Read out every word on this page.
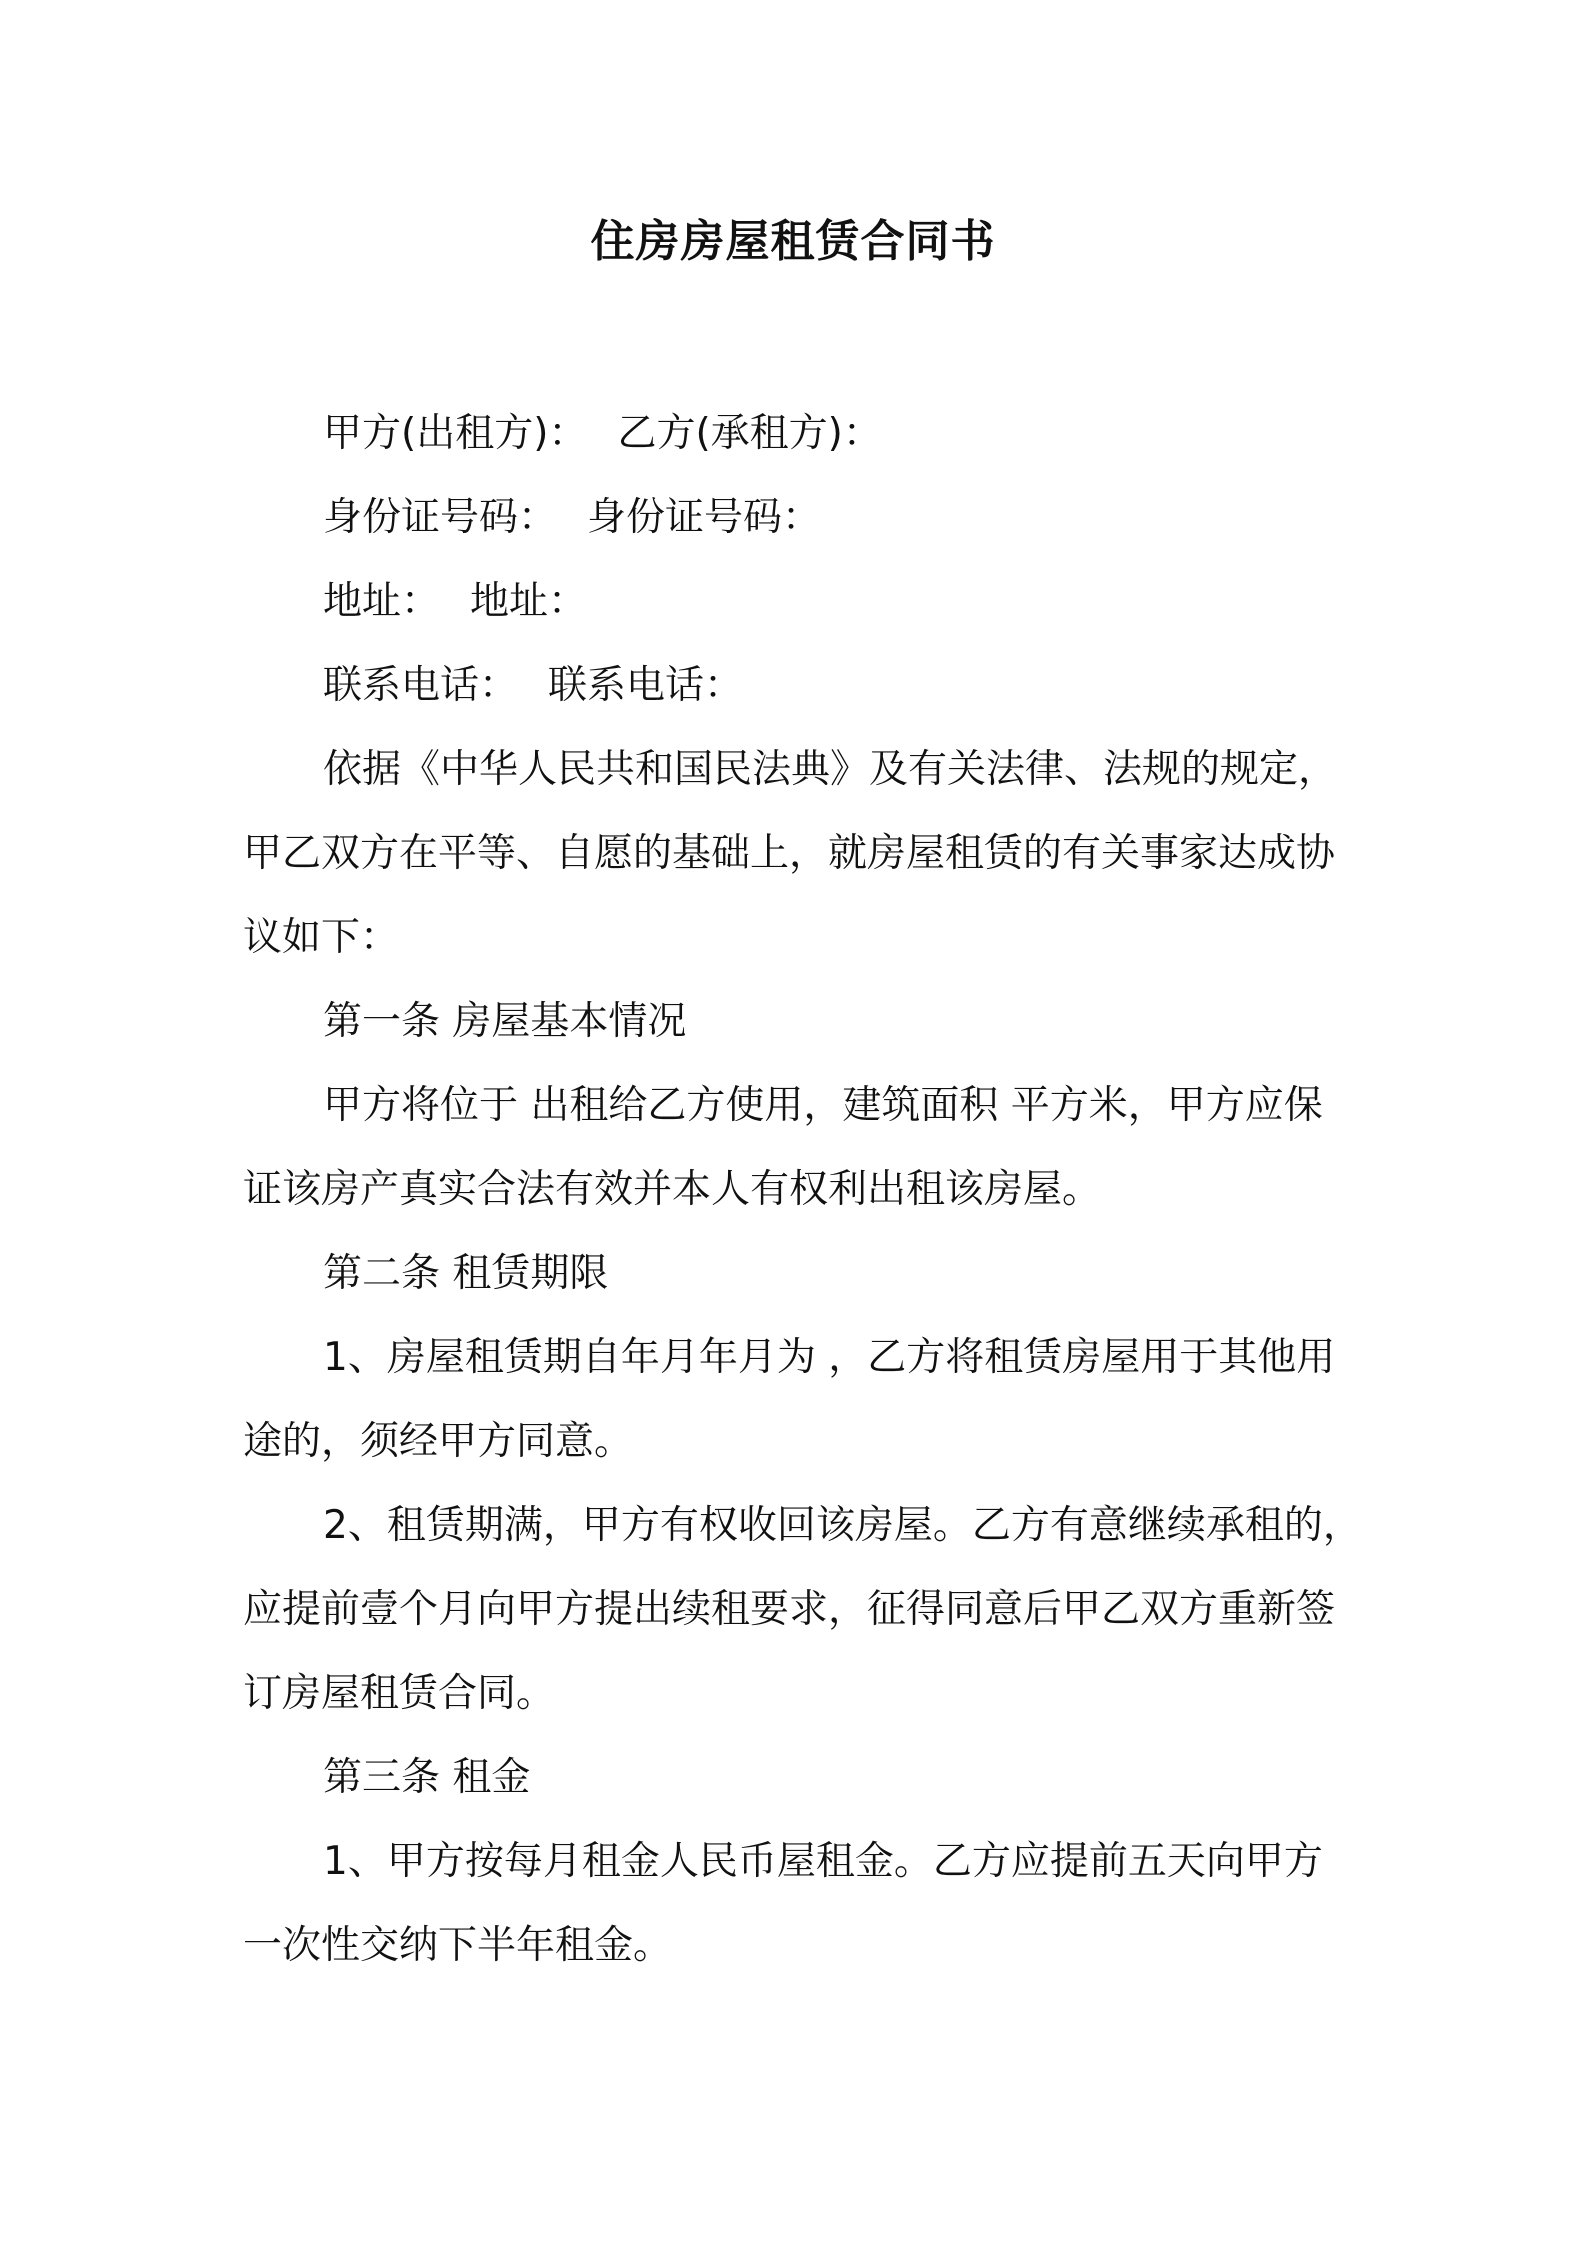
住房房屋租赁合同书
甲方(出租方)： 乙方(承租方)：
身份证号码： 身份证号码：
地址： 地址：
联系电话： 联系电话：
依据《中华人民共和国民法典》及有关法律、法规的规定，
甲乙双方在平等、自愿的基础上，就房屋租赁的有关事家达成协
议如下：
第一条 房屋基本情况
甲方将位于 出租给乙方使用，建筑面积 平方米，甲方应保
证该房产真实合法有效并本人有权利出租该房屋。
第二条 租赁期限
1、房屋租赁期自年月年月为 ，乙方将租赁房屋用于其他用
途的，须经甲方同意。
2、租赁期满，甲方有权收回该房屋。乙方有意继续承租的，
应提前壹个月向甲方提出续租要求，征得同意后甲乙双方重新签
订房屋租赁合同。
第三条 租金
1、甲方按每月租金人民币屋租金。乙方应提前五天向甲方
一次性交纳下半年租金。
